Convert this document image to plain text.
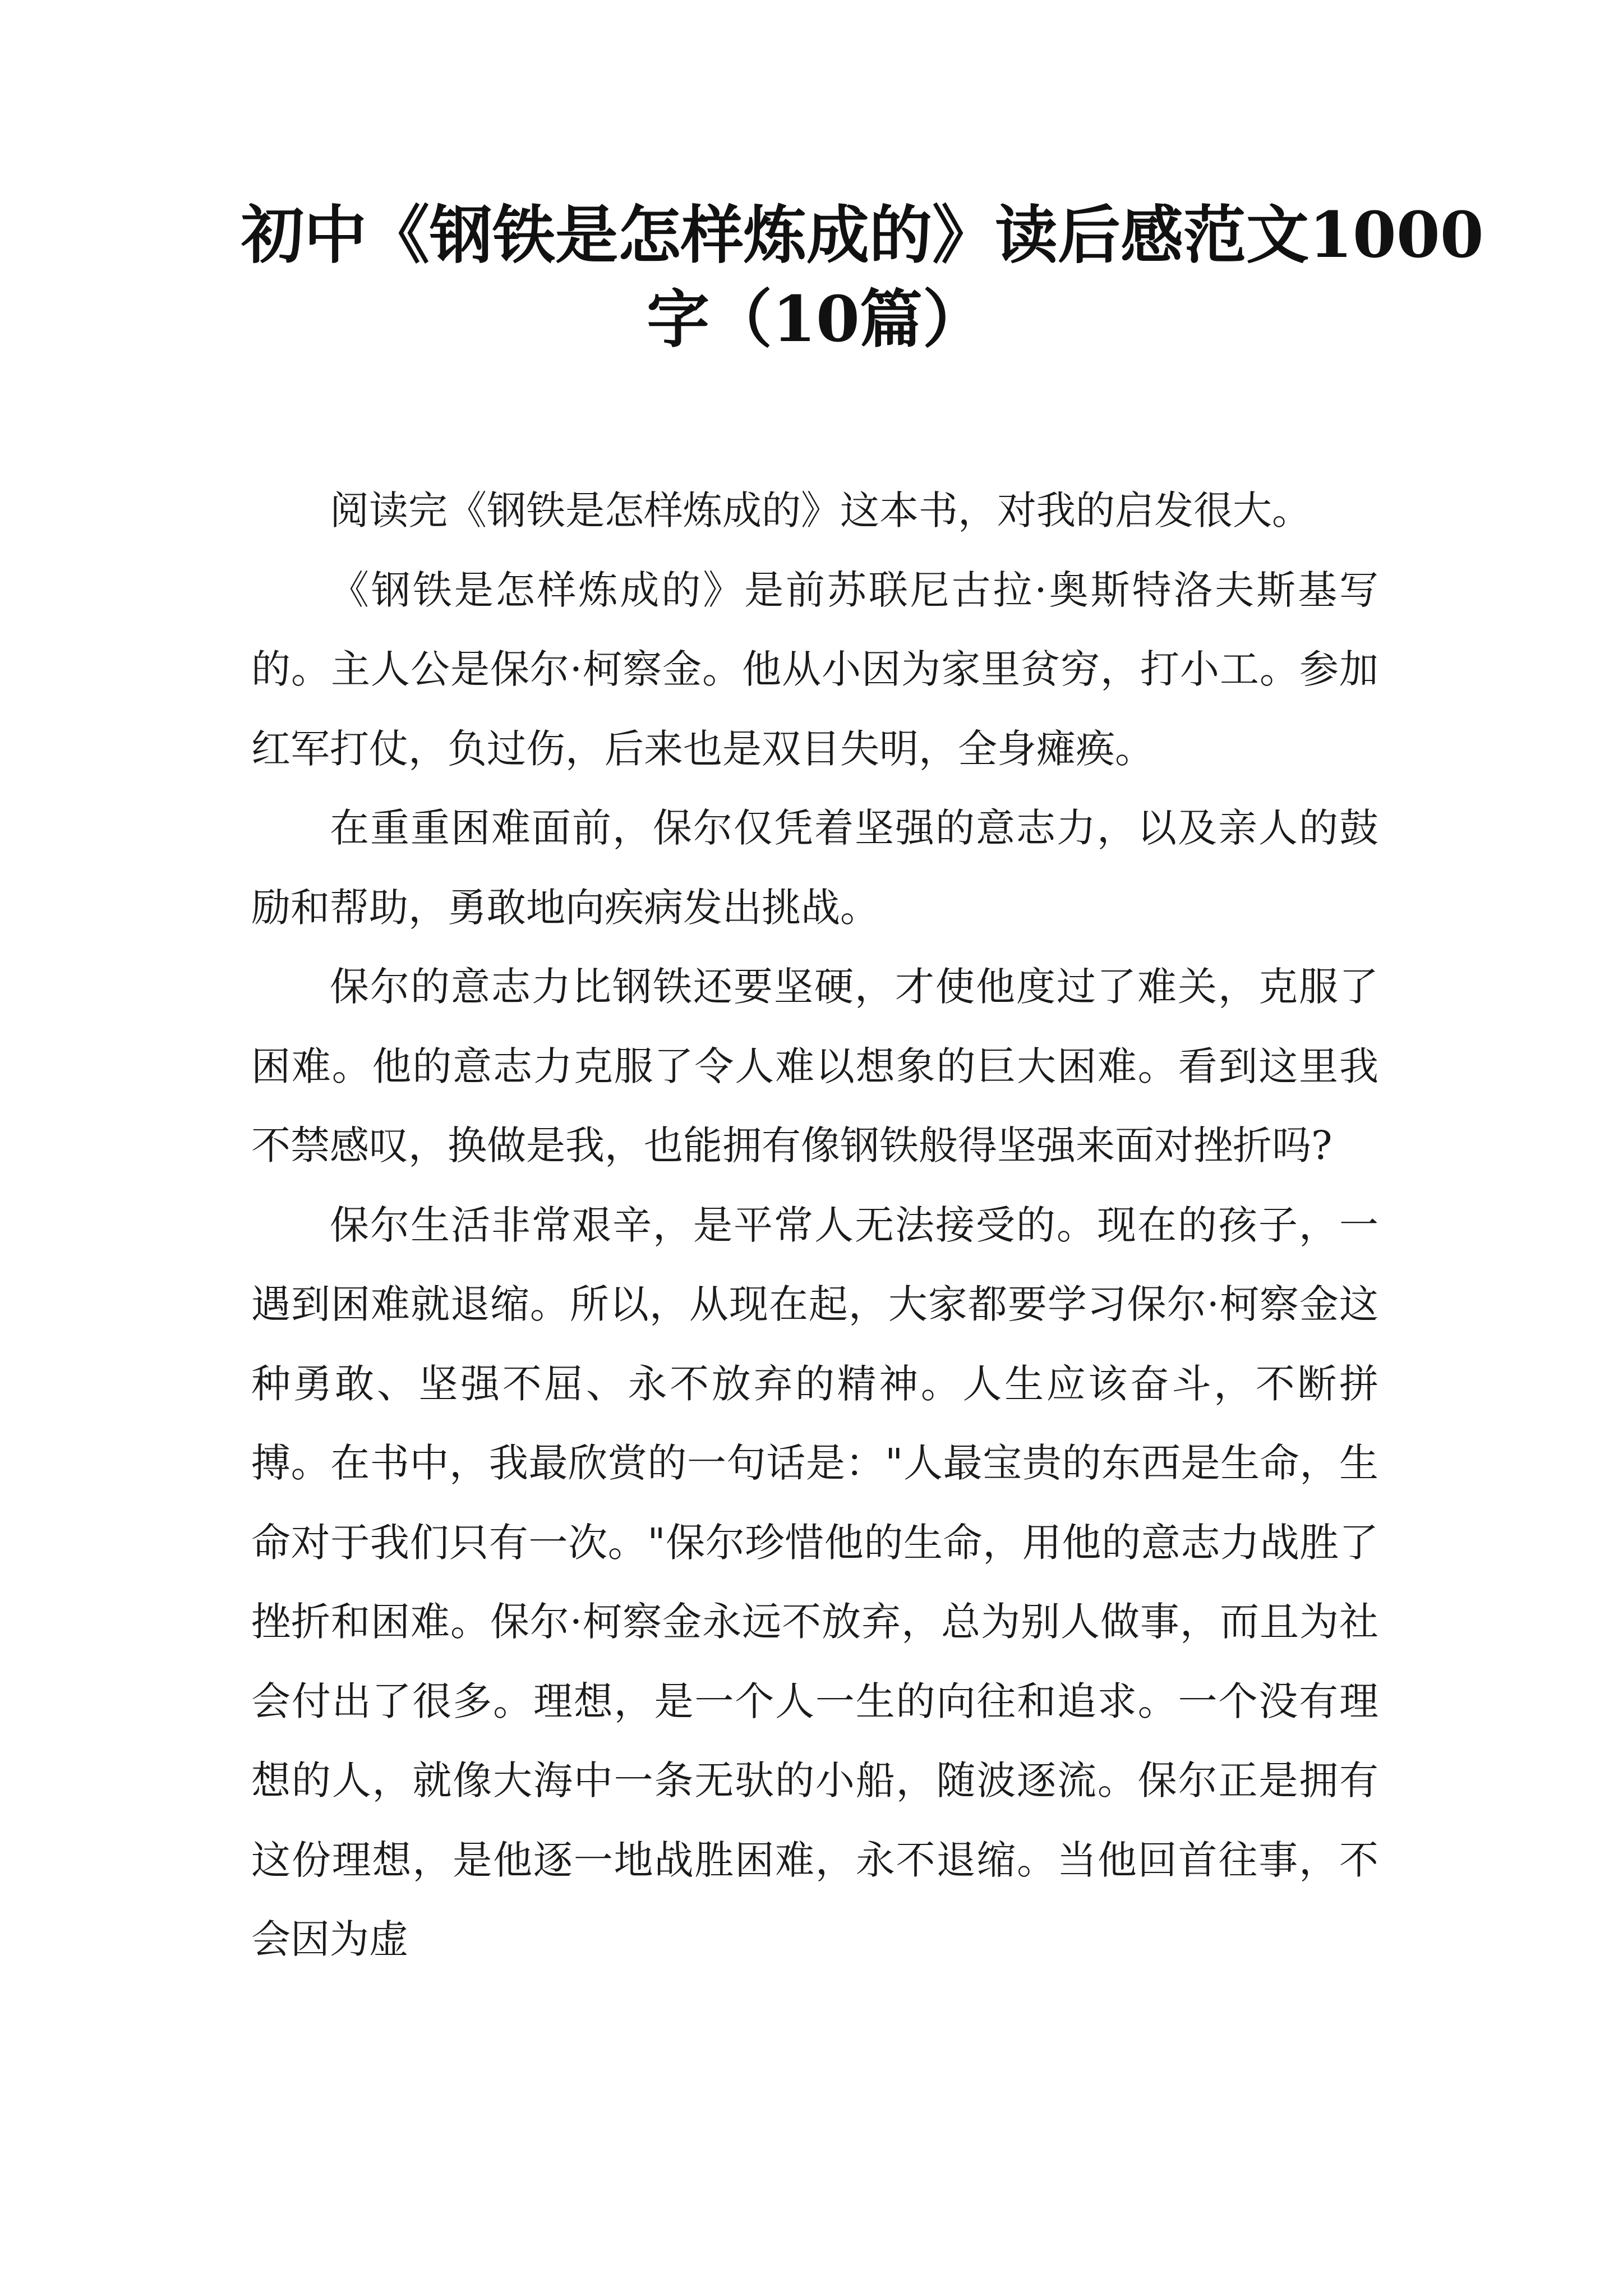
初中《钢铁是怎样炼成的》读后感范文1000
字（10篇）

阅读完《钢铁是怎样炼成的》这本书，对我的启发很大。

《钢铁是怎样炼成的》是前苏联尼古拉·奥斯特洛夫斯基写的。主人公是保尔·柯察金。他从小因为家里贫穷，打小工。参加红军打仗，负过伤，后来也是双目失明，全身瘫痪。

在重重困难面前，保尔仅凭着坚强的意志力，以及亲人的鼓励和帮助，勇敢地向疾病发出挑战。

保尔的意志力比钢铁还要坚硬，才使他度过了难关，克服了困难。他的意志力克服了令人难以想象的巨大困难。看到这里我不禁感叹，换做是我，也能拥有像钢铁般得坚强来面对挫折吗?

保尔生活非常艰辛，是平常人无法接受的。现在的孩子，一遇到困难就退缩。所以，从现在起，大家都要学习保尔·柯察金这种勇敢、坚强不屈、永不放弃的精神。人生应该奋斗，不断拼搏。在书中，我最欣赏的一句话是："人最宝贵的东西是生命，生命对于我们只有一次。"保尔珍惜他的生命，用他的意志力战胜了挫折和困难。保尔·柯察金永远不放弃，总为别人做事，而且为社会付出了很多。理想，是一个人一生的向往和追求。一个没有理想的人，就像大海中一条无驮的小船，随波逐流。保尔正是拥有这份理想，是他逐一地战胜困难，永不退缩。当他回首往事，不会因为虚
